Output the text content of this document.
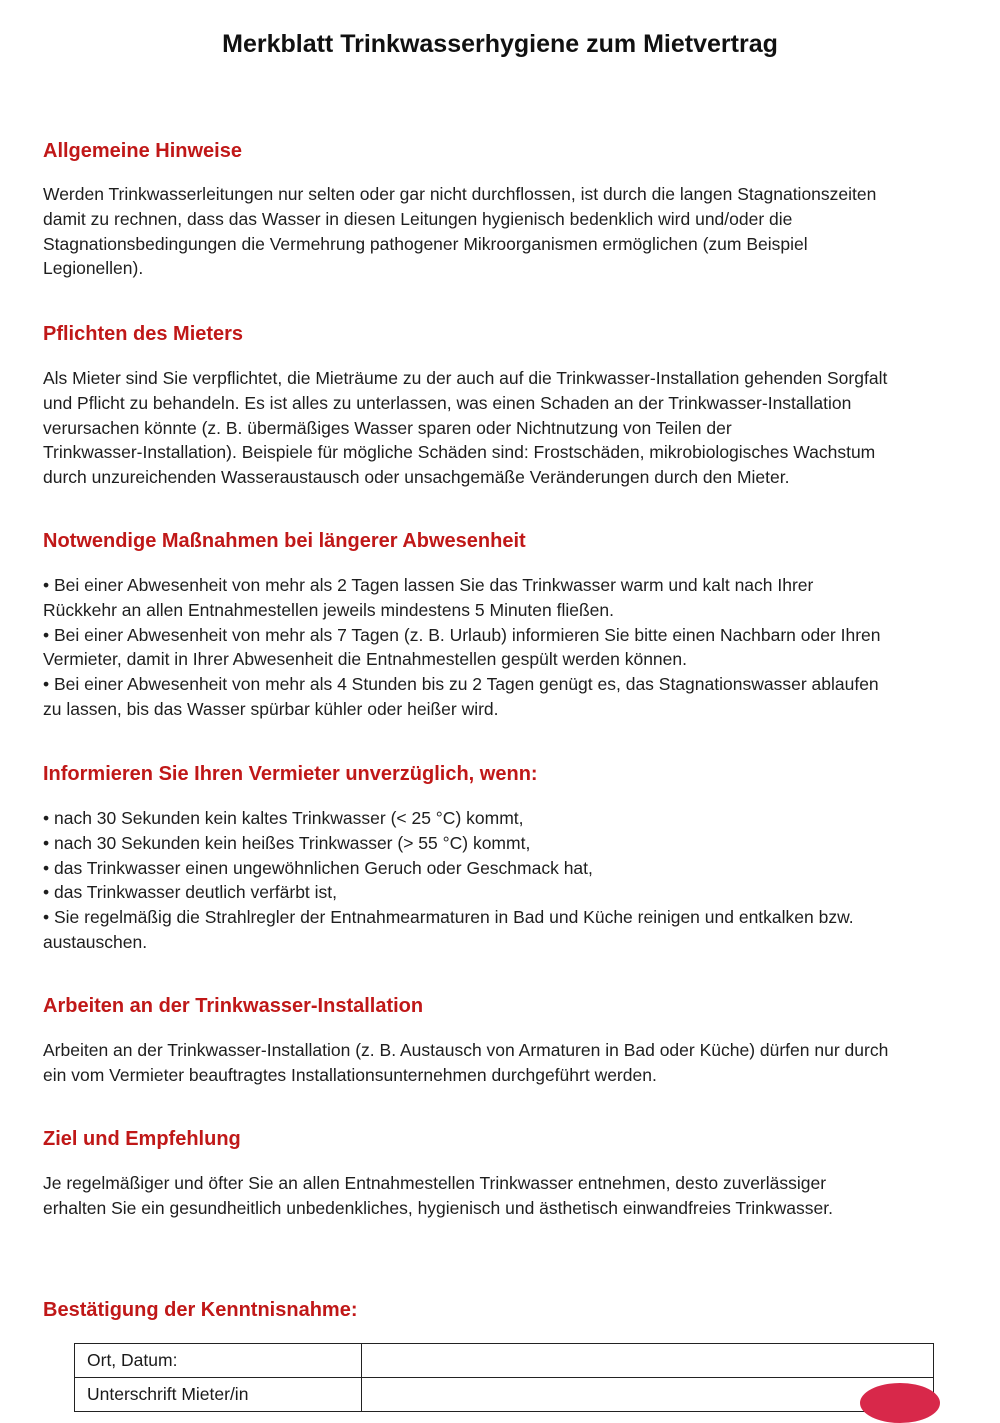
Merkblatt Trinkwasserhygiene zum Mietvertrag
Allgemeine Hinweise
Werden Trinkwasserleitungen nur selten oder gar nicht durchflossen, ist durch die langen Stagnationszeiten
damit zu rechnen, dass das Wasser in diesen Leitungen hygienisch bedenklich wird und/oder die
Stagnationsbedingungen die Vermehrung pathogener Mikroorganismen ermöglichen (zum Beispiel
Legionellen).
Pflichten des Mieters
Als Mieter sind Sie verpflichtet, die Mieträume zu der auch auf die Trinkwasser-Installation gehenden Sorgfalt
und Pflicht zu behandeln. Es ist alles zu unterlassen, was einen Schaden an der Trinkwasser-Installation
verursachen könnte (z. B. übermäßiges Wasser sparen oder Nichtnutzung von Teilen der
Trinkwasser-Installation). Beispiele für mögliche Schäden sind: Frostschäden, mikrobiologisches Wachstum
durch unzureichenden Wasseraustausch oder unsachgemäße Veränderungen durch den Mieter.
Notwendige Maßnahmen bei längerer Abwesenheit
• Bei einer Abwesenheit von mehr als 2 Tagen lassen Sie das Trinkwasser warm und kalt nach Ihrer
Rückkehr an allen Entnahmestellen jeweils mindestens 5 Minuten fließen.
• Bei einer Abwesenheit von mehr als 7 Tagen (z. B. Urlaub) informieren Sie bitte einen Nachbarn oder Ihren
Vermieter, damit in Ihrer Abwesenheit die Entnahmestellen gespült werden können.
• Bei einer Abwesenheit von mehr als 4 Stunden bis zu 2 Tagen genügt es, das Stagnationswasser ablaufen
zu lassen, bis das Wasser spürbar kühler oder heißer wird.
Informieren Sie Ihren Vermieter unverzüglich, wenn:
• nach 30 Sekunden kein kaltes Trinkwasser (< 25 °C) kommt,
• nach 30 Sekunden kein heißes Trinkwasser (> 55 °C) kommt,
• das Trinkwasser einen ungewöhnlichen Geruch oder Geschmack hat,
• das Trinkwasser deutlich verfärbt ist,
• Sie regelmäßig die Strahlregler der Entnahmearmaturen in Bad und Küche reinigen und entkalken bzw.
austauschen.
Arbeiten an der Trinkwasser-Installation
Arbeiten an der Trinkwasser-Installation (z. B. Austausch von Armaturen in Bad oder Küche) dürfen nur durch
ein vom Vermieter beauftragtes Installationsunternehmen durchgeführt werden.
Ziel und Empfehlung
Je regelmäßiger und öfter Sie an allen Entnahmestellen Trinkwasser entnehmen, desto zuverlässiger
erhalten Sie ein gesundheitlich unbedenkliches, hygienisch und ästhetisch einwandfreies Trinkwasser.
Bestätigung der Kenntnisnahme:
Ort, Datum:	
Unterschrift Mieter/in	
